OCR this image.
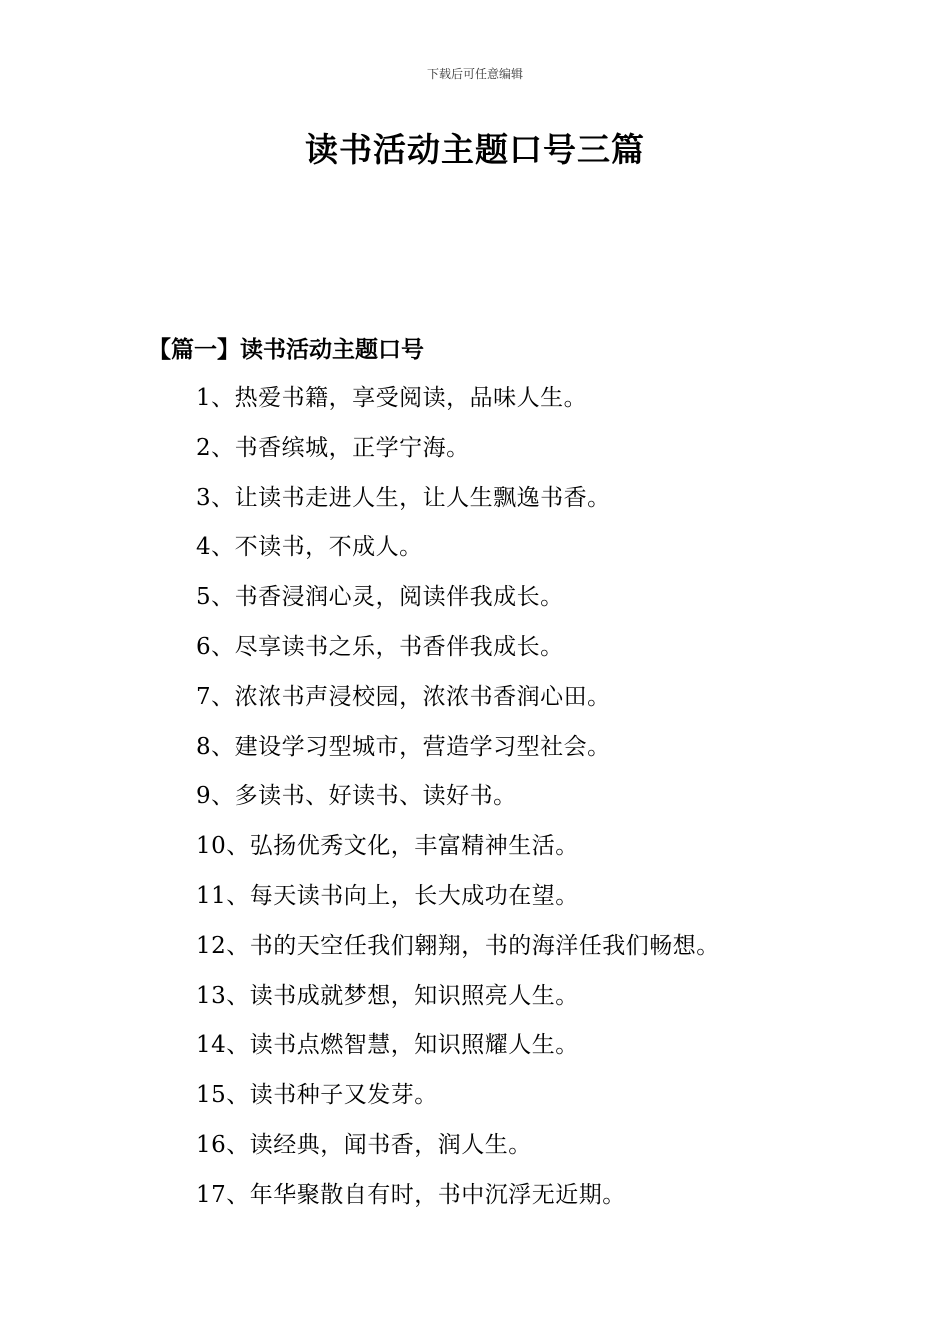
下载后可任意编辑
读书活动主题口号三篇
【篇一】读书活动主题口号
1、热爱书籍，享受阅读，品味人生。
2、书香缤城，正学宁海。
3、让读书走进人生，让人生飘逸书香。
4、不读书，不成人。
5、书香浸润心灵，阅读伴我成长。
6、尽享读书之乐，书香伴我成长。
7、浓浓书声浸校园，浓浓书香润心田。
8、建设学习型城市，营造学习型社会。
9、多读书、好读书、读好书。
10、弘扬优秀文化，丰富精神生活。
11、每天读书向上，长大成功在望。
12、书的天空任我们翱翔，书的海洋任我们畅想。
13、读书成就梦想，知识照亮人生。
14、读书点燃智慧，知识照耀人生。
15、读书种子又发芽。
16、读经典，闻书香，润人生。
17、年华聚散自有时，书中沉浮无近期。
